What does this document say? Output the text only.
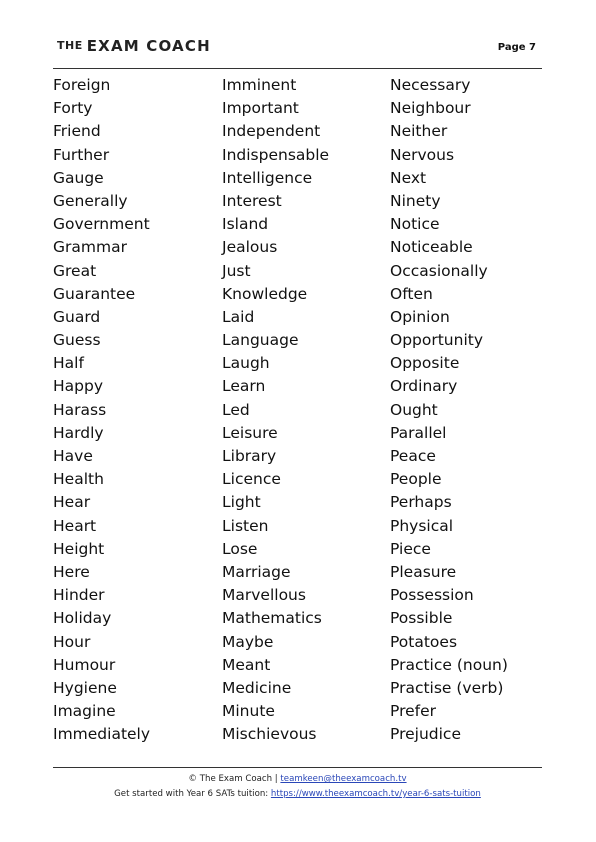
THE EXAM COACH	Page 7
Foreign
Forty
Friend
Further
Gauge
Generally
Government
Grammar
Great
Guarantee
Guard
Guess
Half
Happy
Harass
Hardly
Have
Health
Hear
Heart
Height
Here
Hinder
Holiday
Hour
Humour
Hygiene
Imagine
Immediately
Imminent
Important
Independent
Indispensable
Intelligence
Interest
Island
Jealous
Just
Knowledge
Laid
Language
Laugh
Learn
Led
Leisure
Library
Licence
Light
Listen
Lose
Marriage
Marvellous
Mathematics
Maybe
Meant
Medicine
Minute
Mischievous
Necessary
Neighbour
Neither
Nervous
Next
Ninety
Notice
Noticeable
Occasionally
Often
Opinion
Opportunity
Opposite
Ordinary
Ought
Parallel
Peace
People
Perhaps
Physical
Piece
Pleasure
Possession
Possible
Potatoes
Practice (noun)
Practise (verb)
Prefer
Prejudice
© The Exam Coach | teamkeen@theexamcoach.tv
Get started with Year 6 SATs tuition: https://www.theexamcoach.tv/year-6-sats-tuition
